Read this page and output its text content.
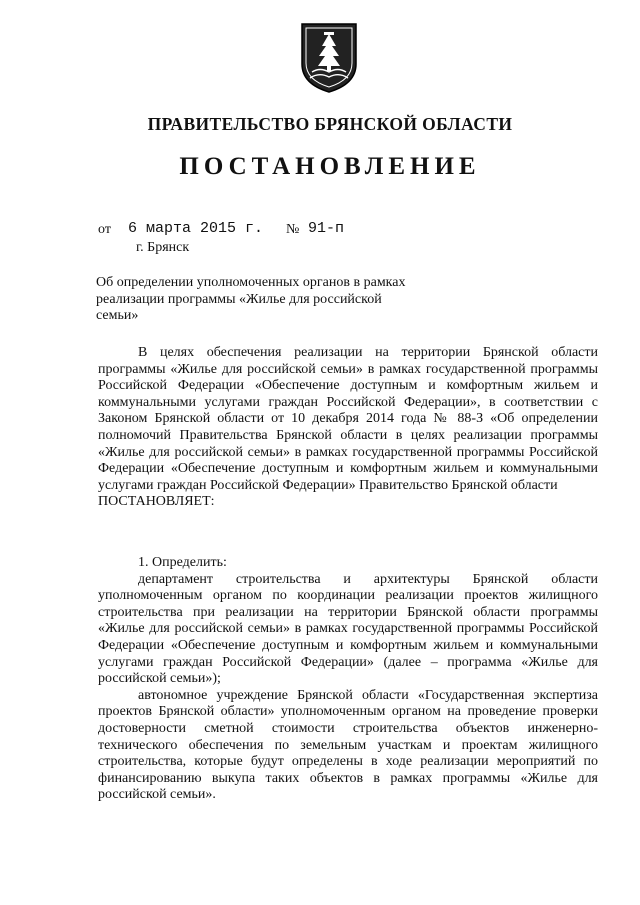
ПРАВИТЕЛЬСТВО БРЯНСКОЙ ОБЛАСТИ
ПОСТАНОВЛЕНИЕ
от 6 марта 2015 г. № 91-п
г. Брянск
Об определении уполномоченных органов в рамках реализации программы «Жилье для российской семьи»

В целях обеспечения реализации на территории Брянской области программы «Жилье для российской семьи» в рамках государственной программы Российской Федерации «Обеспечение доступным и комфортным жильем и коммунальными услугами граждан Российской Федерации», в соответствии с Законом Брянской области от 10 декабря 2014 года № 88-З «Об определении полномочий Правительства Брянской области в целях реализации программы «Жилье для российской семьи» в рамках государственной программы Российской Федерации «Обеспечение доступным и комфортным жильем и коммунальными услугами граждан Российской Федерации» Правительство Брянской области

ПОСТАНОВЛЯЕТ:

1. Определить:

департамент строительства и архитектуры Брянской области уполномоченным органом по координации реализации проектов жилищного строительства при реализации на территории Брянской области программы «Жилье для российской семьи» в рамках государственной программы Российской Федерации «Обеспечение доступным и комфортным жильем и коммунальными услугами граждан Российской Федерации» (далее – программа «Жилье для российской семьи»);

автономное учреждение Брянской области «Государственная экспертиза проектов Брянской области» уполномоченным органом на проведение проверки достоверности сметной стоимости строительства объектов инженерно-технического обеспечения по земельным участкам и проектам жилищного строительства, которые будут определены в ходе реализации мероприятий по финансированию выкупа таких объектов в рамках программы «Жилье для российской семьи».
